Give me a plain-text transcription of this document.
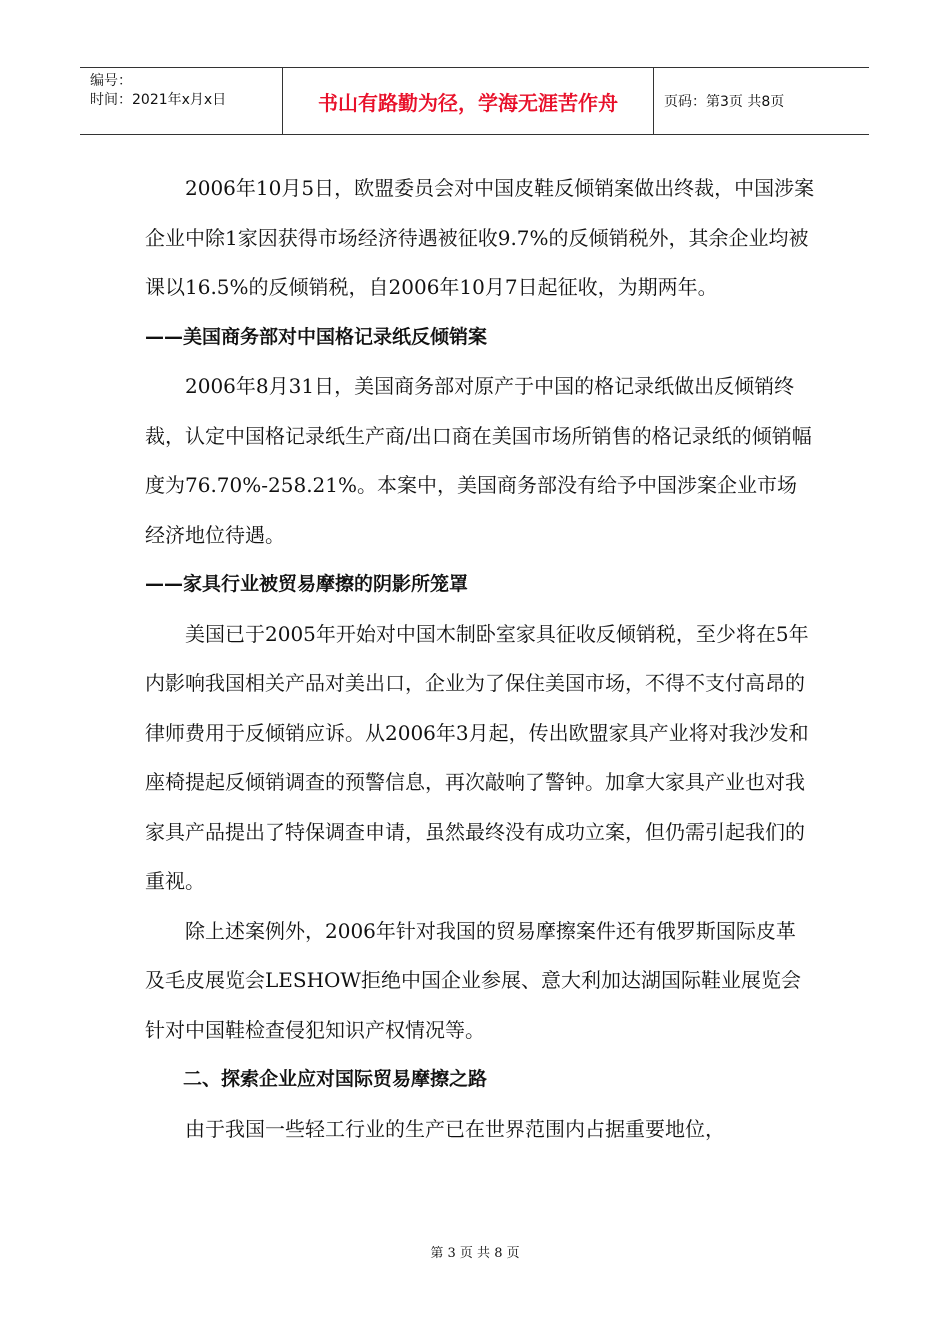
编号：
时间：2021年x月x日	书山有路勤为径，学海无涯苦作舟	页码：第3页 共8页

2006年10月5日，欧盟委员会对中国皮鞋反倾销案做出终裁，中国涉案企业中除1家因获得市场经济待遇被征收9.7%的反倾销税外，其余企业均被课以16.5%的反倾销税，自2006年10月7日起征收，为期两年。

——美国商务部对中国格记录纸反倾销案

2006年8月31日，美国商务部对原产于中国的格记录纸做出反倾销终裁，认定中国格记录纸生产商/出口商在美国市场所销售的格记录纸的倾销幅度为76.70%-258.21%。本案中，美国商务部没有给予中国涉案企业市场经济地位待遇。

——家具行业被贸易摩擦的阴影所笼罩

美国已于2005年开始对中国木制卧室家具征收反倾销税，至少将在5年内影响我国相关产品对美出口，企业为了保住美国市场，不得不支付高昂的律师费用于反倾销应诉。从2006年3月起，传出欧盟家具产业将对我沙发和座椅提起反倾销调查的预警信息，再次敲响了警钟。加拿大家具产业也对我家具产品提出了特保调查申请，虽然最终没有成功立案，但仍需引起我们的重视。

除上述案例外，2006年针对我国的贸易摩擦案件还有俄罗斯国际皮革及毛皮展览会LESHOW拒绝中国企业参展、意大利加达湖国际鞋业展览会针对中国鞋检查侵犯知识产权情况等。

二、探索企业应对国际贸易摩擦之路

由于我国一些轻工行业的生产已在世界范围内占据重要地位，

第 3 页 共 8 页
